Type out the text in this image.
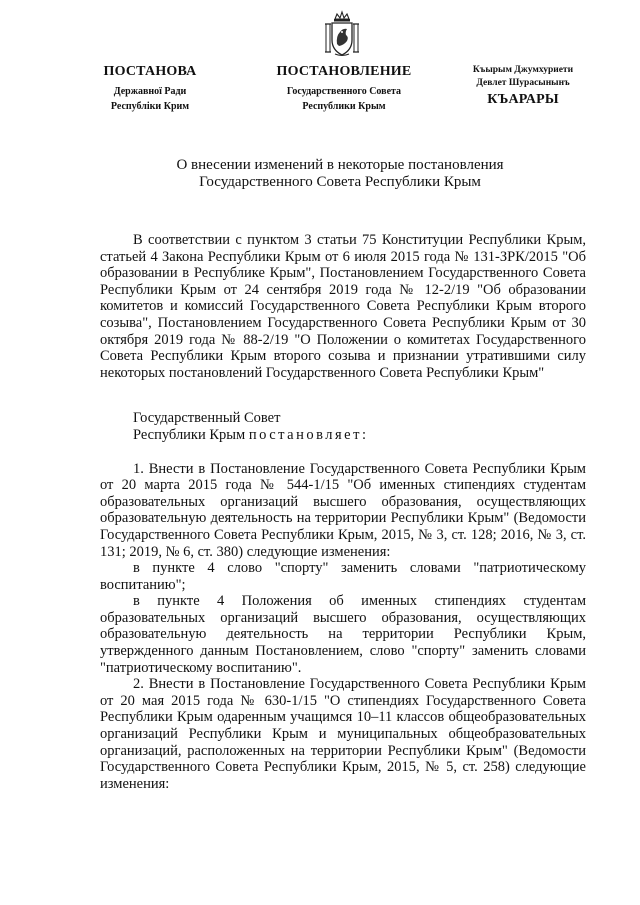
ПОСТАНОВА
Державної Ради
Республіки Крим
ПОСТАНОВЛЕНИЕ
Государственного Совета
Республики Крым
Къырым Джумхуриети
Девлет Шурасынынъ
КЪАРАРЫ
О внесении изменений в некоторые постановления
Государственного Совета Республики Крым

В соответствии с пунктом 3 статьи 75 Конституции Республики Крым, статьей 4 Закона Республики Крым от 6 июля 2015 года № 131-ЗРК/2015 "Об образовании в Республике Крым", Постановлением Государственного Совета Республики Крым от 24 сентября 2019 года № 12-2/19 "Об образовании комитетов и комиссий Государственного Совета Республики Крым второго созыва", Постановлением Государственного Совета Республики Крым от 30 октября 2019 года № 88-2/19 "О Положении о комитетах Государственного Совета Республики Крым второго созыва и признании утратившими силу некоторых постановлений Государственного Совета Республики Крым"

Государственный Совет

Республики Крым постановляет:

1. Внести в Постановление Государственного Совета Республики Крым от 20 марта 2015 года № 544-1/15 "Об именных стипендиях студентам образовательных организаций высшего образования, осуществляющих образовательную деятельность на территории Республики Крым" (Ведомости Государственного Совета Республики Крым, 2015, № 3, ст. 128; 2016, № 3, ст. 131; 2019, № 6, ст. 380) следующие изменения:

в пункте 4 слово "спорту" заменить словами "патриотическому воспитанию";

в пункте 4 Положения об именных стипендиях студентам образовательных организаций высшего образования, осуществляющих образовательную деятельность на территории Республики Крым, утвержденного данным Постановлением, слово "спорту" заменить словами "патриотическому воспитанию".

2. Внести в Постановление Государственного Совета Республики Крым от 20 мая 2015 года № 630-1/15 "О стипендиях Государственного Совета Республики Крым одаренным учащимся 10–11 классов общеобразовательных организаций Республики Крым и муниципальных общеобразовательных организаций, расположенных на территории Республики Крым" (Ведомости Государственного Совета Республики Крым, 2015, № 5, ст. 258) следующие изменения:
